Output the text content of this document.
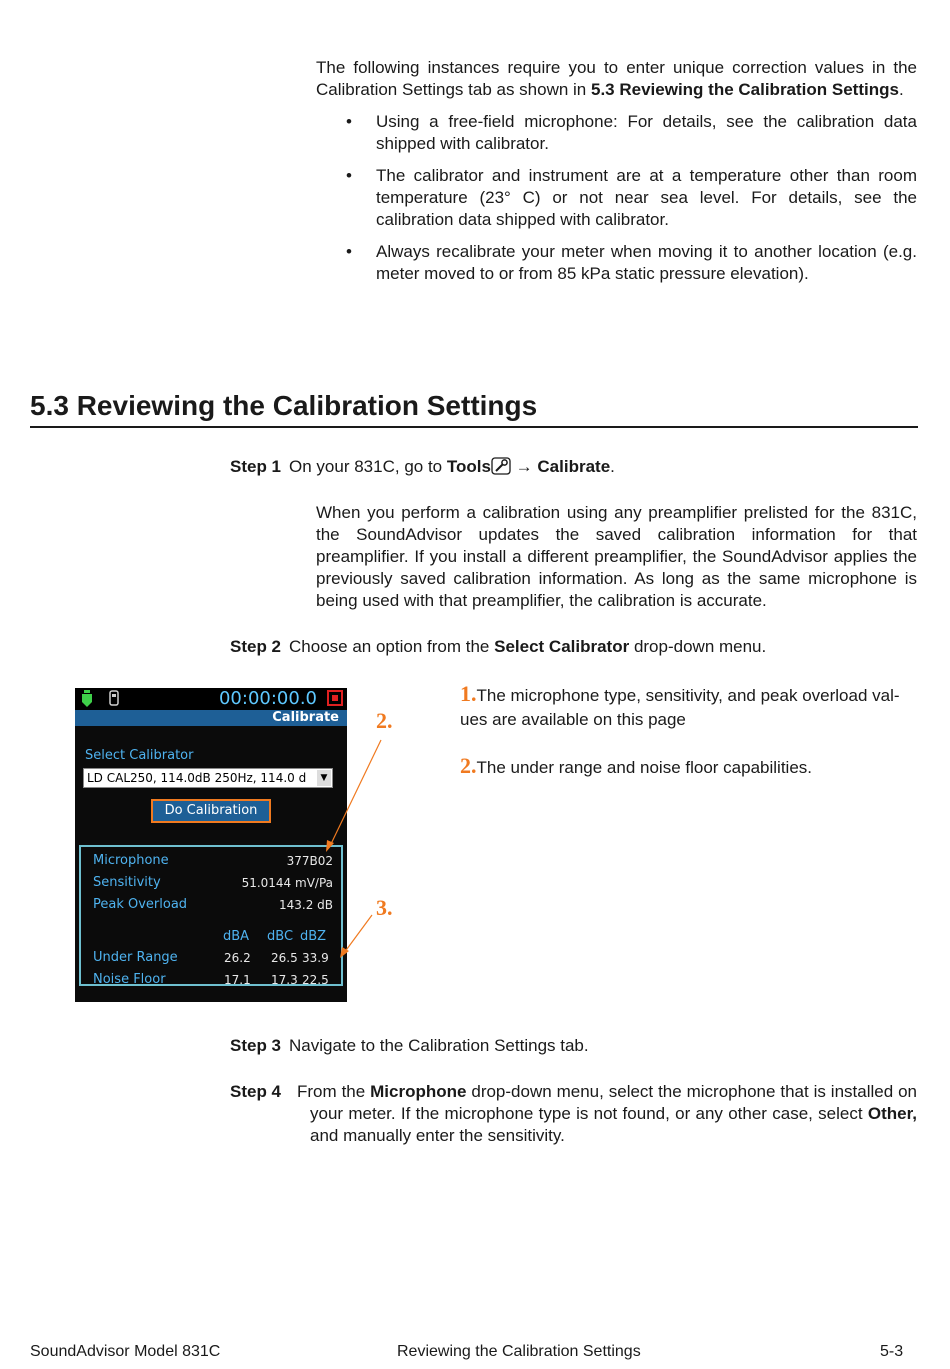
The following instances require you to enter unique correction values in the Calibration Settings tab as shown in 5.3 Reviewing the Calibration Settings.

• Using a free-field microphone: For details, see the calibration data shipped with calibrator.
• The calibrator and instrument are at a temperature other than room temperature (23° C) or not near sea level. For details, see the calibration data shipped with calibrator.
• Always recalibrate your meter when moving it to another location (e.g. meter moved to or from 85 kPa static pressure elevation).
5.3 Reviewing the Calibration Settings
Step 1 On your 831C, go to Tools → Calibrate.

When you perform a calibration using any preamplifier prelisted for the 831C, the SoundAdvisor updates the saved calibration information for that preamplifier. If you install a different preamplifier, the SoundAdvisor applies the previously saved calibration information. As long as the same microphone is being used with that preamplifier, the calibration is accurate.

Step 2 Choose an option from the Select Calibrator drop-down menu.
00:00:00.0
Calibrate
Select Calibrator
LD CAL250, 114.0dB 250Hz, 114.0 d	▼
Do Calibration
Microphone	377B02
Sensitivity	51.0144 mV/Pa
Peak Overload	143.2 dB
dBA dBC dBZ
Under Range	26.2 26.5 33.9
Noise Floor	17.1 17.3 22.5
2.
3.
1.The microphone type, sensitivity, and peak overload val-ues are available on this page
2.The under range and noise floor capabilities.
Step 3 Navigate to the Calibration Settings tab.
Step 4 From the Microphone drop-down menu, select the microphone that is installed on your meter. If the microphone type is not found, or any other case, select Other, and manually enter the sensitivity.
SoundAdvisor Model 831C	Reviewing the Calibration Settings	5-3
